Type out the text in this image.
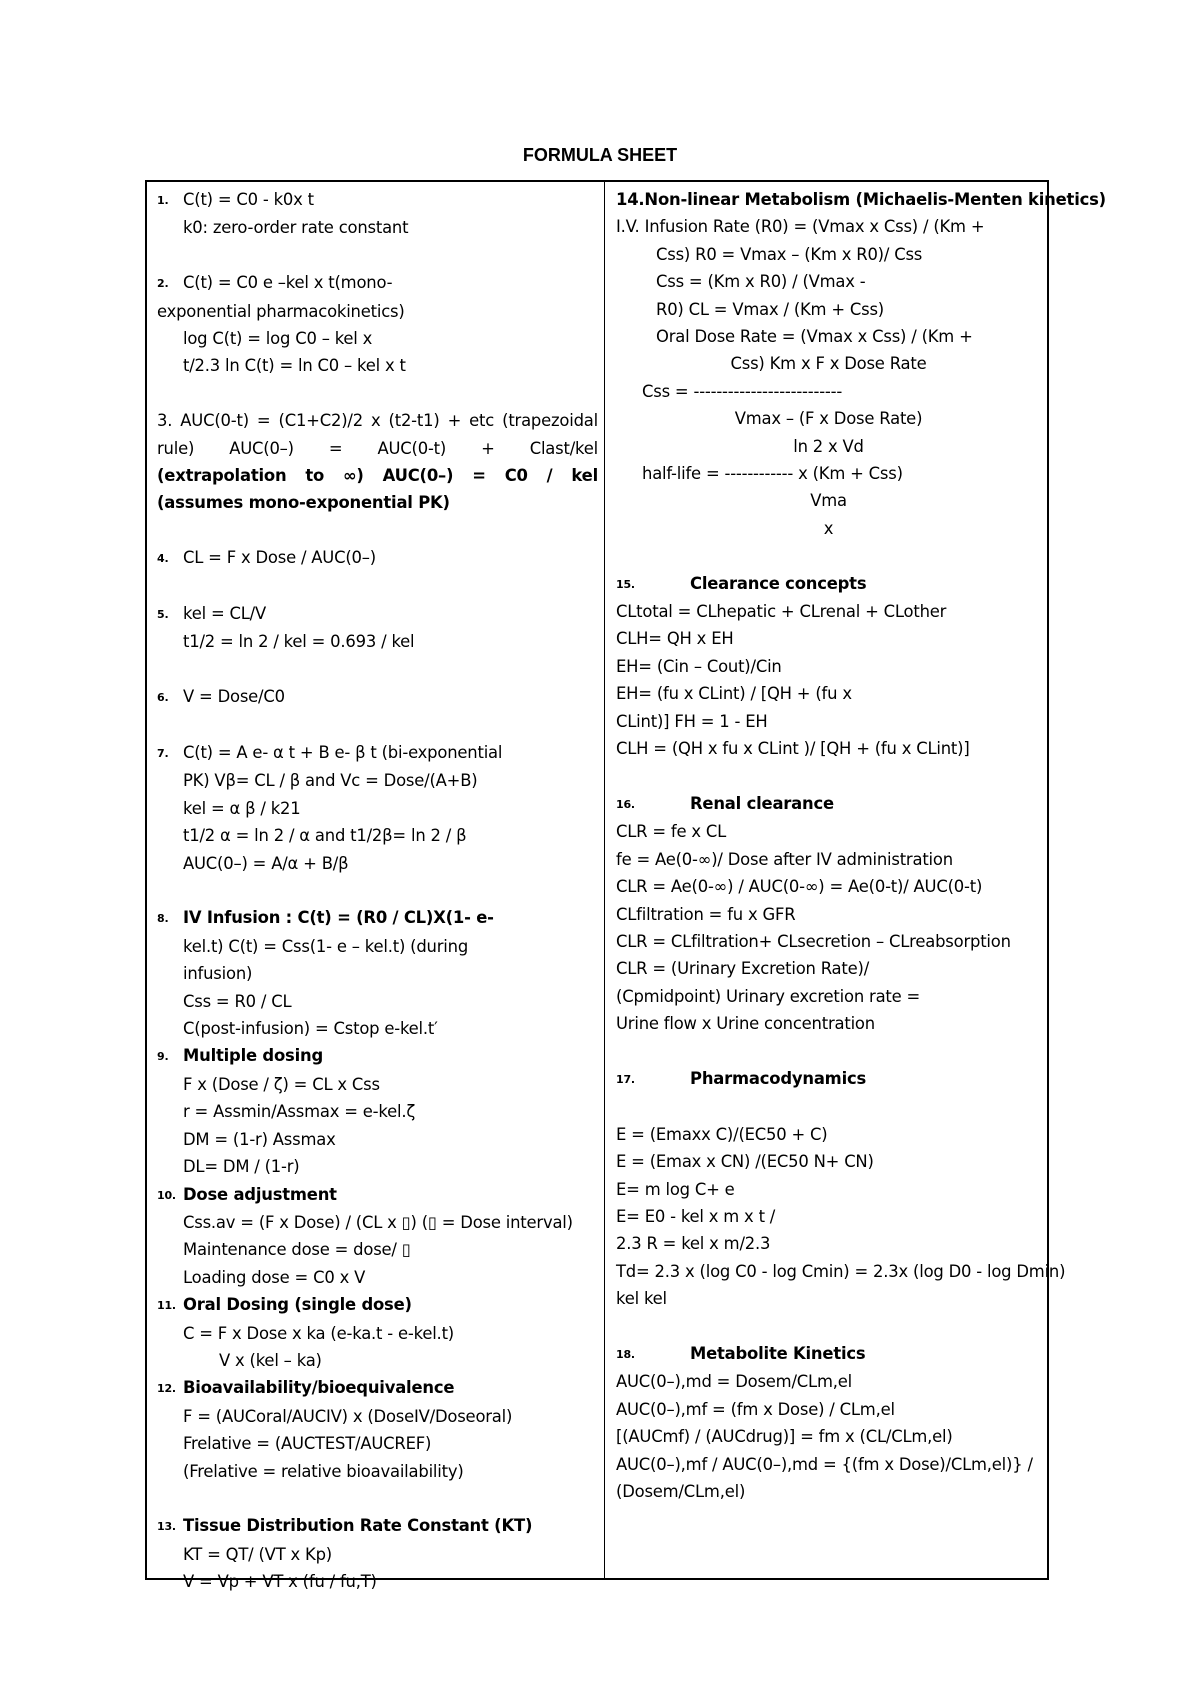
FORMULA SHEET
1. C(t) = C0 - k0x t
k0: zero-order rate constant
2. C(t) = C0 e –kel x t(mono-
exponential pharmacokinetics)
log C(t) = log C0 – kel x
t/2.3 ln C(t) = ln C0 – kel x t
3. AUC(0-t) = (C1+C2)/2 x (t2-t1) + etc (trapezoidal
rule) AUC(0–) = AUC(0-t) + Clast/kel
(extrapolation to ∞) AUC(0–) = C0 / kel
(assumes mono-exponential PK)
4. CL = F x Dose / AUC(0–)
5. kel = CL/V
t1/2 = ln 2 / kel = 0.693 / kel
6. V = Dose/C0
7. C(t) = A e- α t + B e- β t (bi-exponential
PK) Vβ= CL / β and Vc = Dose/(A+B)
kel = α β / k21
t1/2 α = ln 2 / α and t1/2β= ln 2 / β
AUC(0–) = A/α + B/β
8. IV Infusion : C(t) = (R0 / CL)X(1- e-
kel.t) C(t) = Css(1- e – kel.t) (during
infusion)
Css = R0 / CL
C(post-infusion) = Cstop e-kel.t′
9. Multiple dosing
F x (Dose / ζ) = CL x Css
r = Assmin/Assmax = e-kel.ζ
DM = (1-r) Assmax
DL= DM / (1-r)
10. Dose adjustment
Css.av = (F x Dose) / (CL x ▯) (▯ = Dose interval)
Maintenance dose = dose/ ▯
Loading dose = C0 x V
11. Oral Dosing (single dose)
C = F x Dose x ka (e-ka.t - e-kel.t)
V x (kel – ka)
12. Bioavailability/bioequivalence
F = (AUCoral/AUCIV) x (DoseIV/Doseoral)
Frelative = (AUCTEST/AUCREF)
(Frelative = relative bioavailability)
13. Tissue Distribution Rate Constant (KT)
KT = QT/ (VT x Kp)
V = Vp + VT x (fu / fu,T)
14.Non-linear Metabolism (Michaelis-Menten kinetics)
I.V. Infusion Rate (R0) = (Vmax x Css) / (Km +
Css) R0 = Vmax – (Km x R0)/ Css
Css = (Km x R0) / (Vmax -
R0) CL = Vmax / (Km + Css)
Oral Dose Rate = (Vmax x Css) / (Km +
Css) Km x F x Dose Rate
Css = --------------------------
Vmax – (F x Dose Rate)
ln 2 x Vd
half-life = ------------ x (Km + Css)
Vma
x
15.	Clearance concepts
CLtotal = CLhepatic + CLrenal + CLother
CLH= QH x EH
EH= (Cin – Cout)/Cin
EH= (fu x CLint) / [QH + (fu x
CLint)] FH = 1 - EH
CLH = (QH x fu x CLint )/ [QH + (fu x CLint)]
16.	Renal clearance
CLR = fe x CL
fe = Ae(0-∞)/ Dose after IV administration
CLR = Ae(0-∞) / AUC(0-∞) = Ae(0-t)/ AUC(0-t)
CLfiltration = fu x GFR
CLR = CLfiltration+ CLsecretion – CLreabsorption
CLR = (Urinary Excretion Rate)/
(Cpmidpoint) Urinary excretion rate =
Urine flow x Urine concentration
17.	Pharmacodynamics
E = (Emaxx C)/(EC50 + C)
E = (Emax x CN) /(EC50 N+ CN)
E= m log C+ e
E= E0 - kel x m x t /
2.3 R = kel x m/2.3
Td= 2.3 x (log C0 - log Cmin) = 2.3x (log D0 - log Dmin)
kel kel
18.	Metabolite Kinetics
AUC(0–),md = Dosem/CLm,el
AUC(0–),mf = (fm x Dose) / CLm,el
[(AUCmf) / (AUCdrug)] = fm x (CL/CLm,el)
AUC(0–),mf / AUC(0–),md = {(fm x Dose)/CLm,el)} /
(Dosem/CLm,el)
